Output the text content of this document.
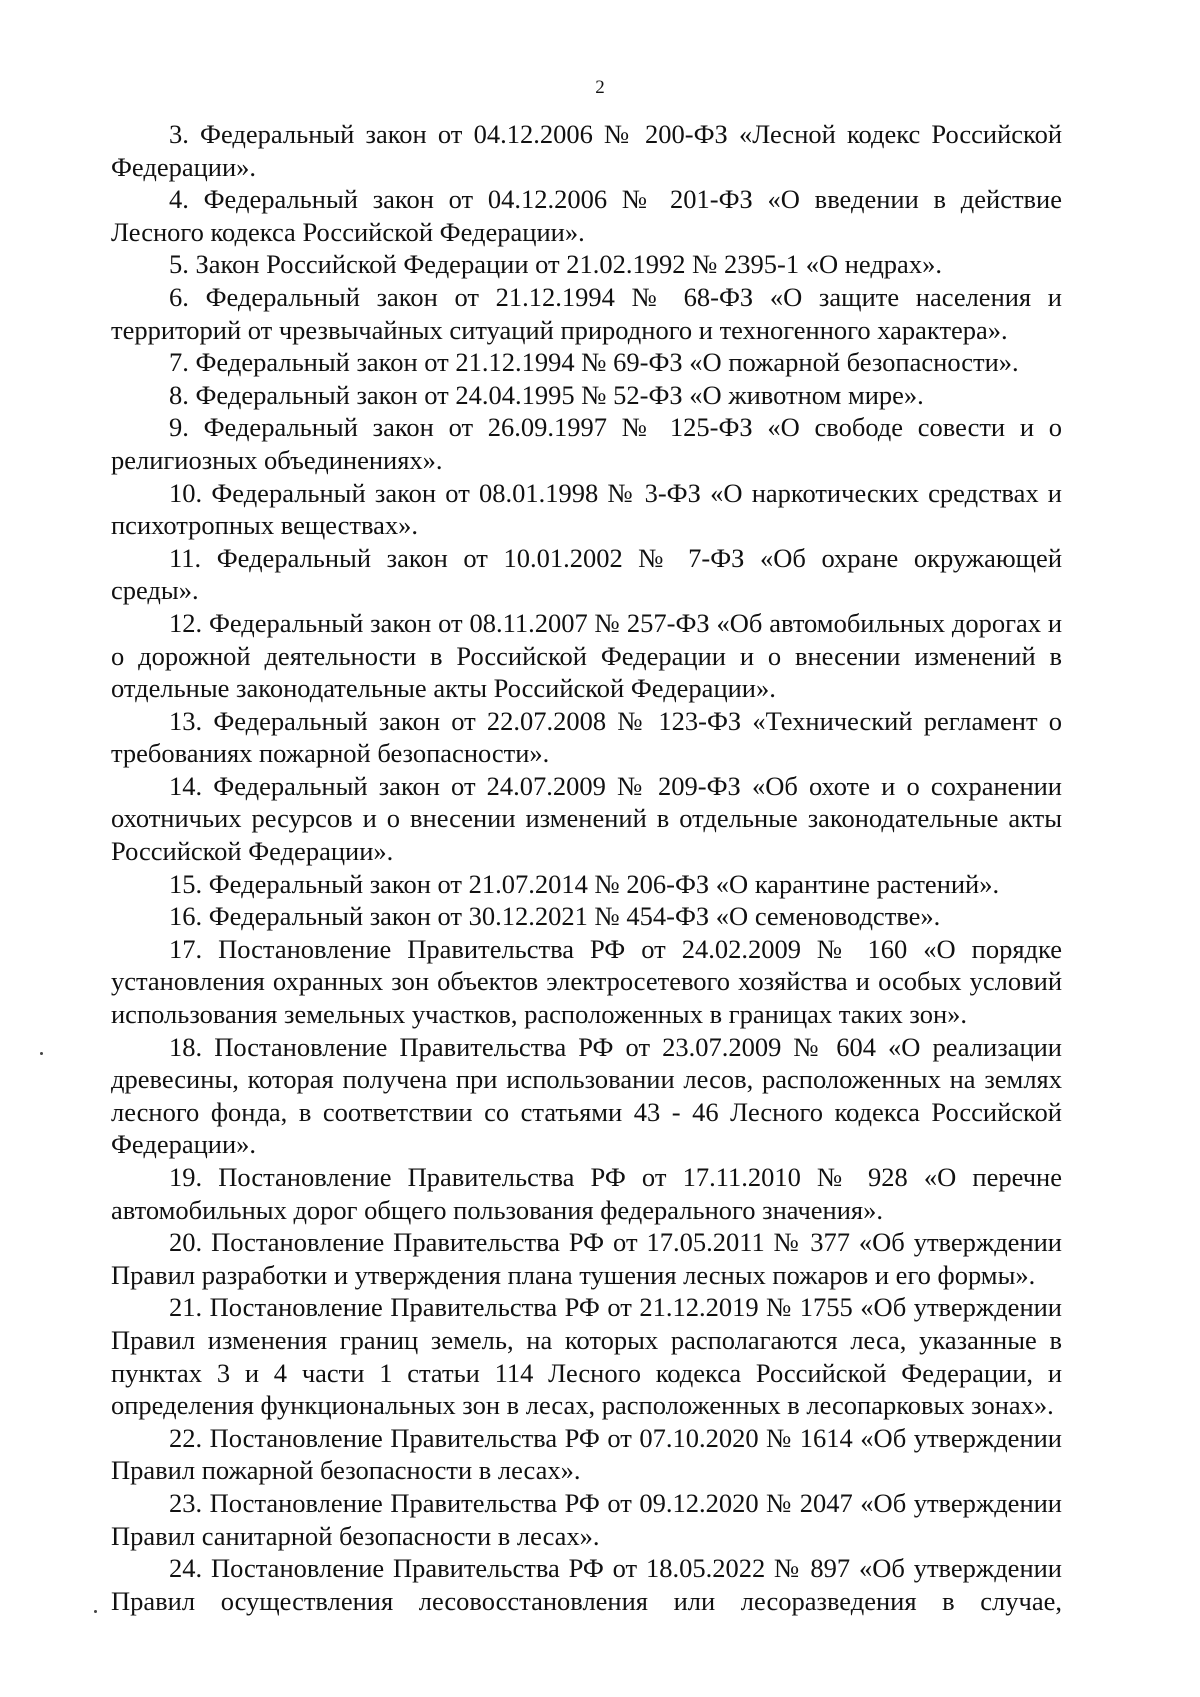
2

3. Федеральный закон от 04.12.2006 № 200-ФЗ «Лесной кодекс Российской Федерации».

4. Федеральный закон от 04.12.2006 № 201-ФЗ «О введении в действие Лесного кодекса Российской Федерации».

5. Закон Российской Федерации от 21.02.1992 № 2395-1 «О недрах».

6. Федеральный закон от 21.12.1994 № 68-ФЗ «О защите населения и территорий от чрезвычайных ситуаций природного и техногенного характера».

7. Федеральный закон от 21.12.1994 № 69-ФЗ «О пожарной безопасности».

8. Федеральный закон от 24.04.1995 № 52-ФЗ «О животном мире».

9. Федеральный закон от 26.09.1997 № 125-ФЗ «О свободе совести и о религиозных объединениях».

10. Федеральный закон от 08.01.1998 № 3-ФЗ «О наркотических средствах и психотропных веществах».

11. Федеральный закон от 10.01.2002 № 7-ФЗ «Об охране окружающей среды».

12. Федеральный закон от 08.11.2007 № 257-ФЗ «Об автомобильных дорогах и о дорожной деятельности в Российской Федерации и о внесении изменений в отдельные законодательные акты Российской Федерации».

13. Федеральный закон от 22.07.2008 № 123-ФЗ «Технический регламент о требованиях пожарной безопасности».

14. Федеральный закон от 24.07.2009 № 209-ФЗ «Об охоте и о сохранении охотничьих ресурсов и о внесении изменений в отдельные законодательные акты Российской Федерации».

15. Федеральный закон от 21.07.2014 № 206-ФЗ «О карантине растений».

16. Федеральный закон от 30.12.2021 № 454-ФЗ «О семеноводстве».

17. Постановление Правительства РФ от 24.02.2009 № 160 «О порядке установления охранных зон объектов электросетевого хозяйства и особых условий использования земельных участков, расположенных в границах таких зон».

18. Постановление Правительства РФ от 23.07.2009 № 604 «О реализации древесины, которая получена при использовании лесов, расположенных на землях лесного фонда, в соответствии со статьями 43 - 46 Лесного кодекса Российской Федерации».

19. Постановление Правительства РФ от 17.11.2010 № 928 «О перечне автомобильных дорог общего пользования федерального значения».

20. Постановление Правительства РФ от 17.05.2011 № 377 «Об утверждении Правил разработки и утверждения плана тушения лесных пожаров и его формы».

21. Постановление Правительства РФ от 21.12.2019 № 1755 «Об утверждении Правил изменения границ земель, на которых располагаются леса, указанные в пунктах 3 и 4 части 1 статьи 114 Лесного кодекса Российской Федерации, и определения функциональных зон в лесах, расположенных в лесопарковых зонах».

22. Постановление Правительства РФ от 07.10.2020 № 1614 «Об утверждении Правил пожарной безопасности в лесах».

23. Постановление Правительства РФ от 09.12.2020 № 2047 «Об утверждении Правил санитарной безопасности в лесах».

24. Постановление Правительства РФ от 18.05.2022 № 897 «Об утверждении Правил осуществления лесовосстановления или лесоразведения в случае,
